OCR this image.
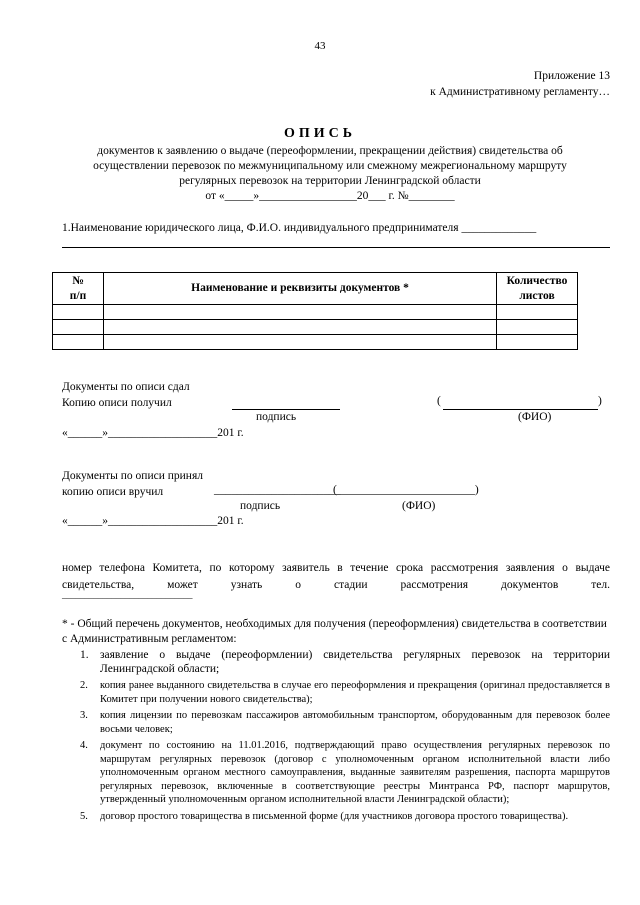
43
Приложение 13
к Административному регламенту…
ОПИСЬ
документов к заявлению о выдаче (переоформлении, прекращении действия) свидетельства об
осуществлении перевозок по межмуниципальному или смежному межрегиональному маршруту
регулярных перевозок на территории Ленинградской области
от «_____»_________________20___ г. №________
1.Наименование юридического лица, Ф.И.О. индивидуального предпринимателя _____________
№
п/п	Наименование и реквизиты документов *	Количество
листов

Документы по описи сдал
Копию описи получил	(	)
подпись	(ФИО)
«______»___________________201 г.
Документы по описи принял
копию описи вручил	______________________
(________________________)
подпись	(ФИО)
«______»___________________201 г.
номер телефона Комитета, по которому заявитель в течение срока рассмотрения заявления о выдаче свидетельства, может узнать о стадии рассмотрения документов тел.
_____________________________
* - Общий перечень документов, необходимых для получения (переоформления) свидетельства в соответствии с Административным регламентом:
1. заявление о выдаче (переоформлении) свидетельства регулярных перевозок на территории Ленинградской области;
2. копия ранее выданного свидетельства в случае его переоформления и прекращения (оригинал предоставляется в Комитет при получении нового свидетельства);
3. копия лицензии по перевозкам пассажиров автомобильным транспортом, оборудованным для перевозок более восьми человек;
4. документ по состоянию на 11.01.2016, подтверждающий право осуществления регулярных перевозок по маршрутам регулярных перевозок (договор с уполномоченным органом исполнительной власти либо уполномоченным органом местного самоуправления, выданные заявителям разрешения, паспорта маршрутов регулярных перевозок, включенные в соответствующие реестры Минтранса РФ, паспорт маршрутов, утвержденный уполномоченным органом исполнительной власти Ленинградской области);
5. договор простого товарищества в письменной форме (для участников договора простого товарищества).
